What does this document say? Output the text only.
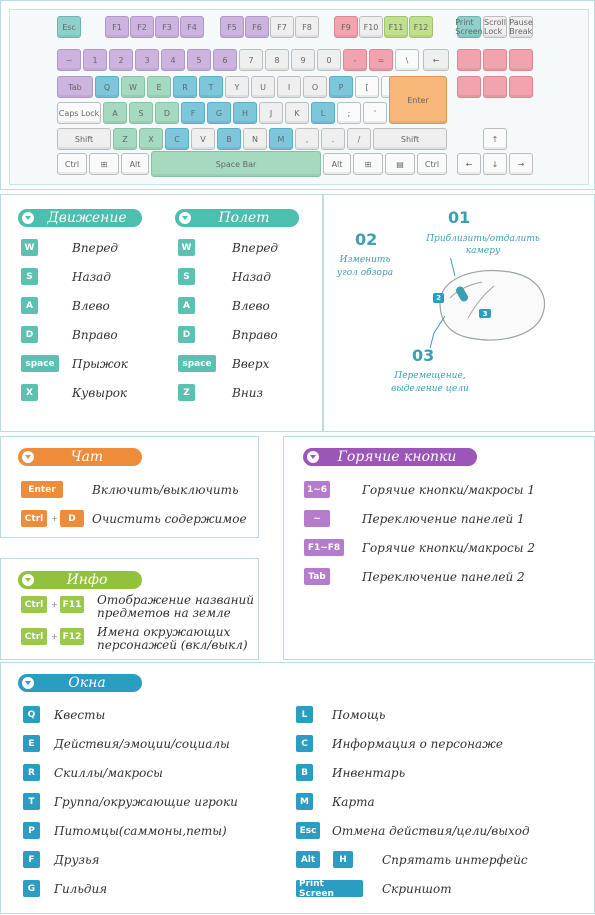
Esc	F1	F2	F3	F4	F5	F6	F7	F8	F9	F10	F11	F12	Print Screen
Scroll Lock
Pause Break
~	1	2	3	4	5	6	7	8	9	0	-	=	\	←
Tab	Q	W	E	R	T	Y	U	I	O	P	[
Caps Lock	A	S	D	F	G	H	J	K	L	;	'
Enter
Shift	Z	X	C	V	B	N	M	,	.	/	Shift
Ctrl	⊞	Alt	Space Bar	Alt	⊞	▤	Ctrl
↑
←	↓	→
Движение	Полет
W	Вперед
S	Назад
A	Влево
D	Вправо
space	Прыжок
X	Кувырок
W	Вперед
S	Назад
A	Влево
D	Вправо
space	Вверх
Z	Вниз
01
Приблизить/отдалить камеру
02
Изменить
угол обзора
03
Перемещение,
выделение цели
2
3
Чат
Enter	Включить/выключить
Ctrl +	D	Очистить содержимое
Горячие кнопки
1~6	Горячие кнопки/макросы 1
~	Переключение панелей 1
F1~F8	Горячие кнопки/макросы 2
Tab	Переключение панелей 2
Инфо
Ctrl + F11 Отображение названий
предметов на земле
Ctrl + F12 Имена окружающих
персонажей (вкл/выкл)
Окна
Q	Квесты
E	Действия/эмоции/социалы
R	Скиллы/макросы
T	Группа/окружающие игроки
P	Питомцы(саммоны,петы)
F	Друзья
G	Гильдия
L	Помощь
C	Информация о персонаже
B	Инвентарь
M	Карта
Esc Отмена действия/цели/выход
Alt	H	Спрятать интерфейс
Print Screen	Скриншот
